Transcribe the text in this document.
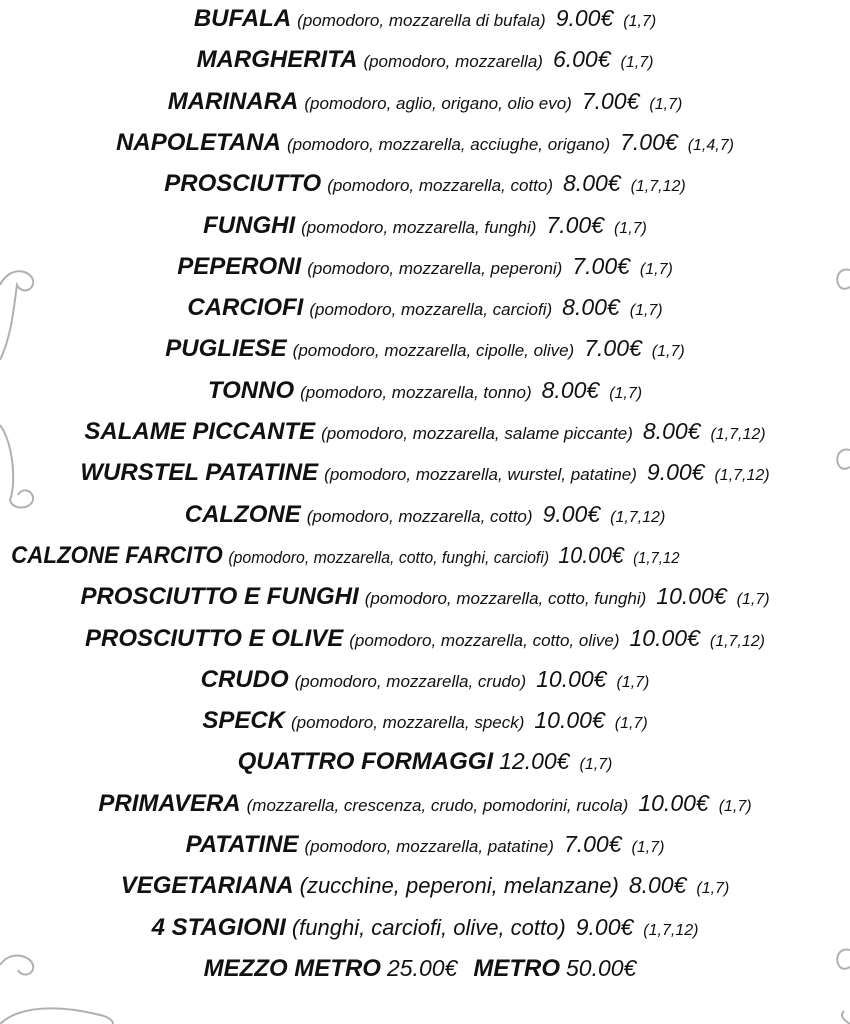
BUFALA (pomodoro, mozzarella di bufala) 9.00€ (1,7)
MARGHERITA (pomodoro, mozzarella) 6.00€ (1,7)
MARINARA (pomodoro, aglio, origano, olio evo) 7.00€ (1,7)
NAPOLETANA (pomodoro, mozzarella, acciughe, origano) 7.00€ (1,4,7)
PROSCIUTTO (pomodoro, mozzarella, cotto) 8.00€ (1,7,12)
FUNGHI (pomodoro, mozzarella, funghi) 7.00€ (1,7)
PEPERONI (pomodoro, mozzarella, peperoni) 7.00€ (1,7)
CARCIOFI (pomodoro, mozzarella, carciofi) 8.00€ (1,7)
PUGLIESE (pomodoro, mozzarella, cipolle, olive) 7.00€ (1,7)
TONNO (pomodoro, mozzarella, tonno) 8.00€ (1,7)
SALAME PICCANTE (pomodoro, mozzarella, salame piccante) 8.00€ (1,7,12)
WURSTEL PATATINE (pomodoro, mozzarella, wurstel, patatine) 9.00€ (1,7,12)
CALZONE (pomodoro, mozzarella, cotto) 9.00€ (1,7,12)
CALZONE FARCITO (pomodoro, mozzarella, cotto, funghi, carciofi) 10.00€ (1,7,12
PROSCIUTTO E FUNGHI (pomodoro, mozzarella, cotto, funghi) 10.00€ (1,7)
PROSCIUTTO E OLIVE (pomodoro, mozzarella, cotto, olive) 10.00€ (1,7,12)
CRUDO (pomodoro, mozzarella, crudo) 10.00€ (1,7)
SPECK (pomodoro, mozzarella, speck) 10.00€ (1,7)
QUATTRO FORMAGGI 12.00€ (1,7)
PRIMAVERA (mozzarella, crescenza, crudo, pomodorini, rucola) 10.00€ (1,7)
PATATINE (pomodoro, mozzarella, patatine) 7.00€ (1,7)
VEGETARIANA (zucchine, peperoni, melanzane) 8.00€ (1,7)
4 STAGIONI (funghi, carciofi, olive, cotto) 9.00€ (1,7,12)
MEZZO METRO 25.00€ METRO 50.00€
